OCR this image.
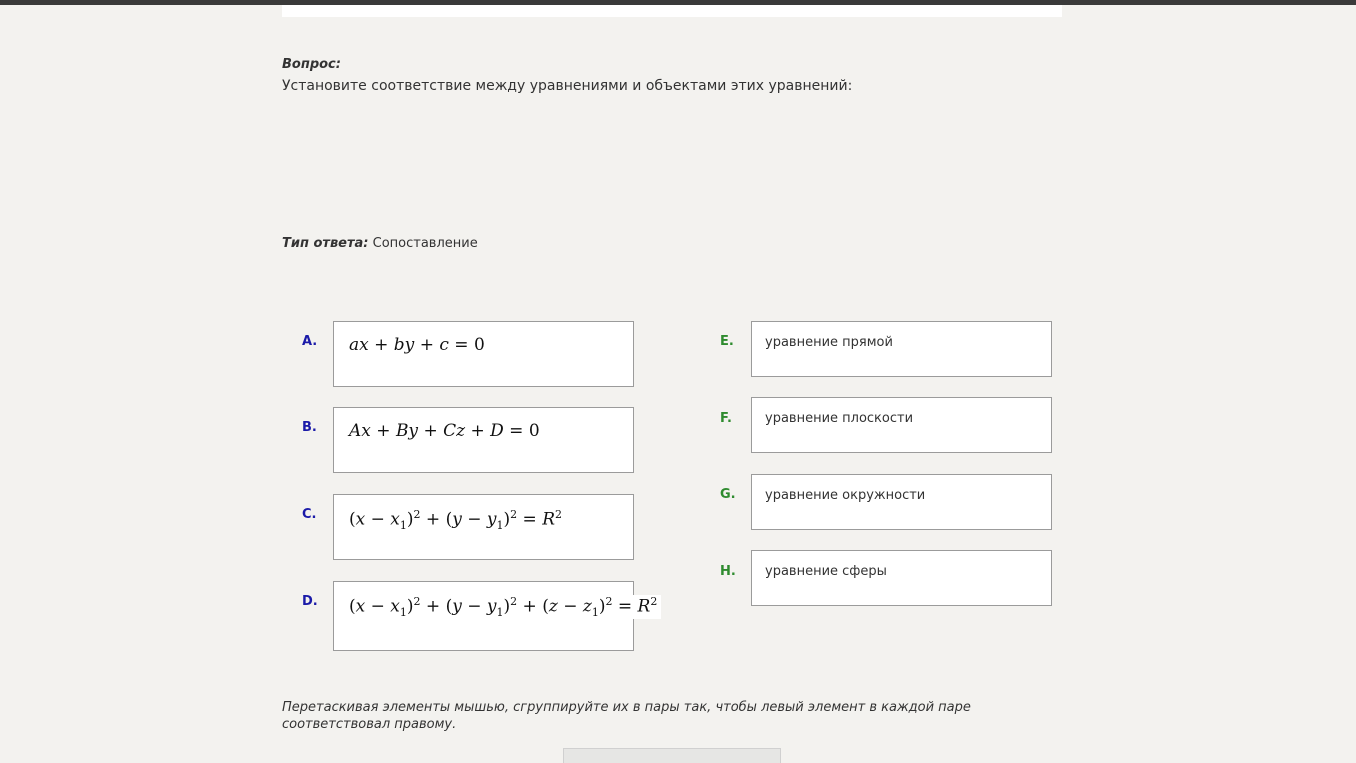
Вопрос:
Установите соответствие между уравнениями и объектами этих уравнений:
Тип ответа: Сопоставление
A. ax + by + c = 0
B. Ax + By + Cz + D = 0
C. $(x - x_1)^2 + (y - y_1)^2 = R^2$
D. $(x - x_1)^2 + (y - y_1)^2 + (z - z_1)^2 = R^2$
E. уравнение прямой
F.	уравнение плоскости
G. уравнение окружности
H. уравнение сферы
Перетаскивая элементы мышью, сгруппируйте их в пары так, чтобы левый элемент в каждой паре соответствовал правому.
